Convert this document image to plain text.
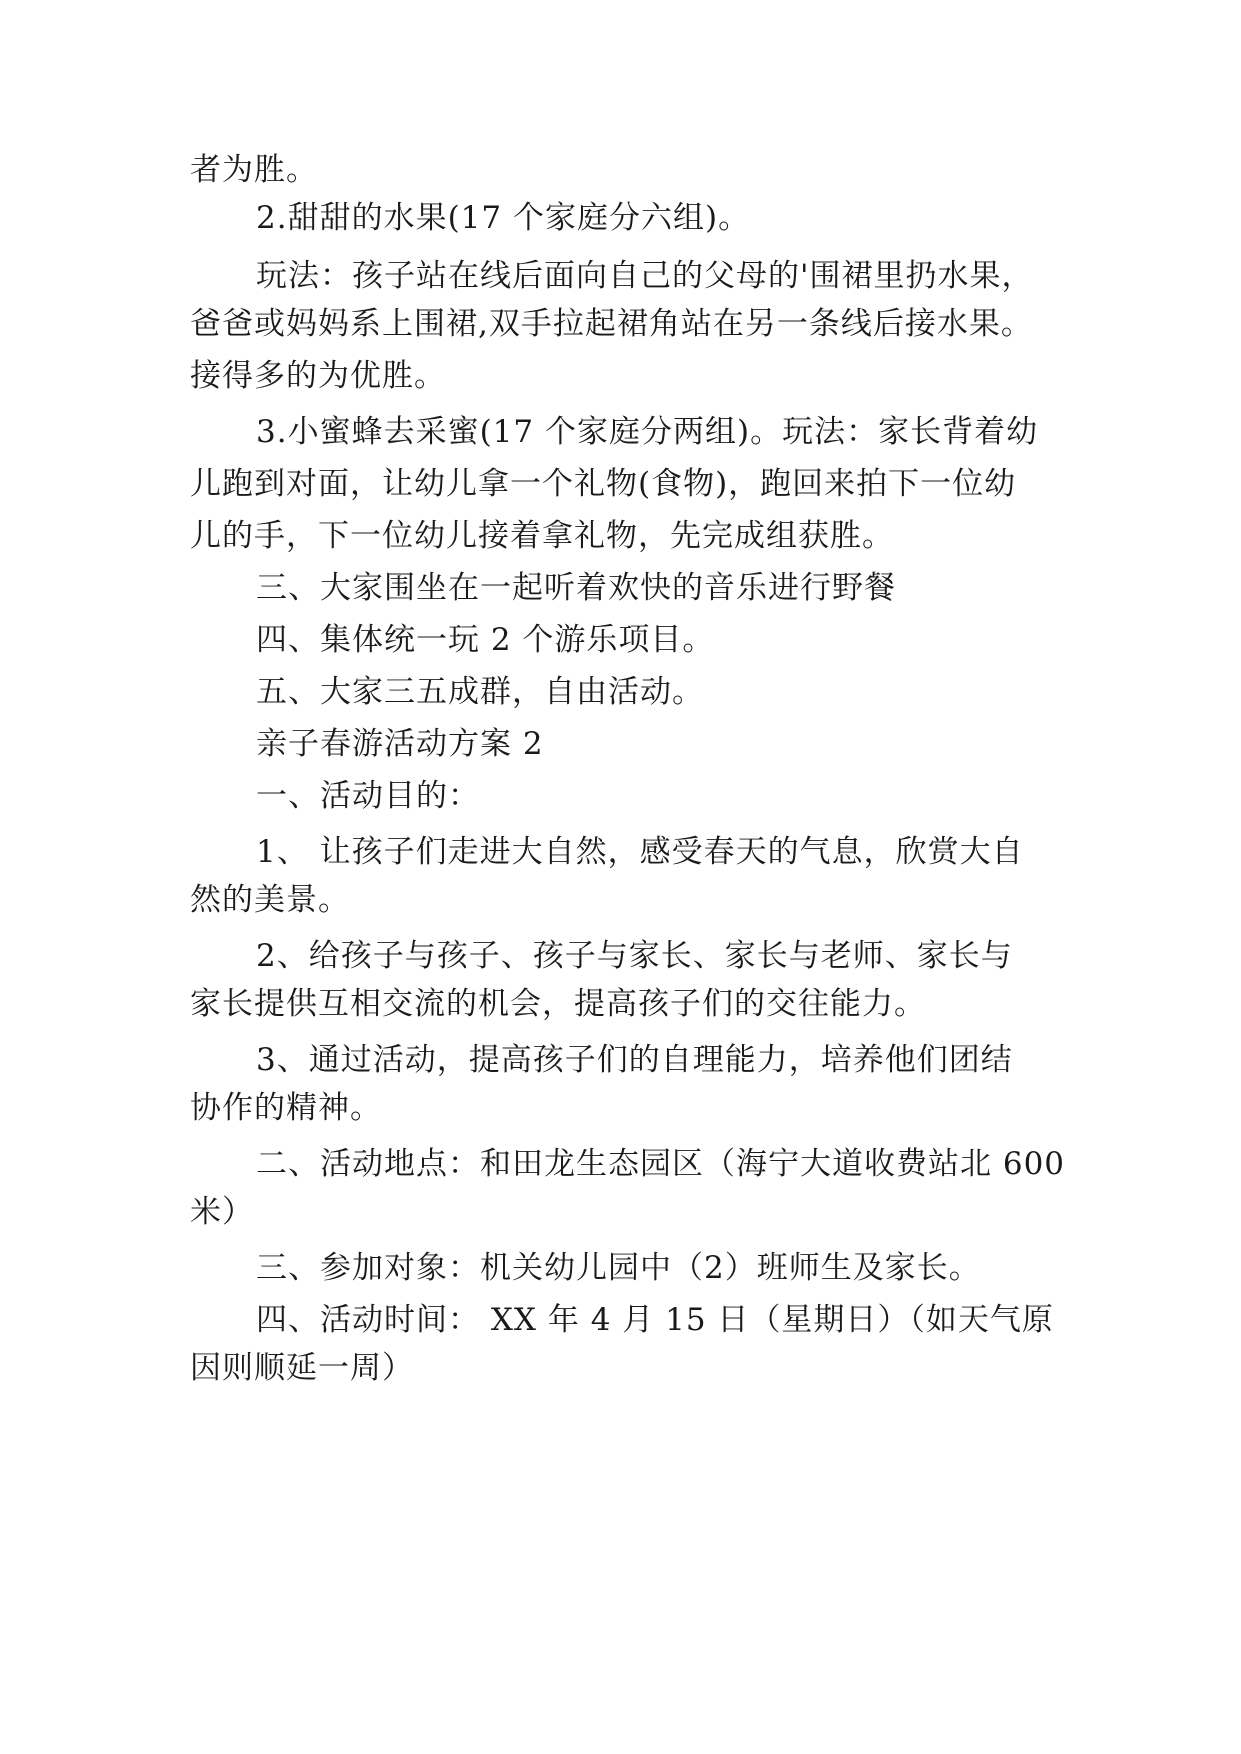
者为胜。
2.甜甜的水果(17 个家庭分六组)。
玩法：孩子站在线后面向自己的父母的'围裙里扔水果，
爸爸或妈妈系上围裙,双手拉起裙角站在另一条线后接水果。
接得多的为优胜。
3.小蜜蜂去采蜜(17 个家庭分两组)。玩法：家长背着幼
儿跑到对面，让幼儿拿一个礼物(食物)，跑回来拍下一位幼
儿的手，下一位幼儿接着拿礼物，先完成组获胜。
三、大家围坐在一起听着欢快的音乐进行野餐
四、集体统一玩 2 个游乐项目。
五、大家三五成群，自由活动。
亲子春游活动方案 2
一、活动目的：
1、 让孩子们走进大自然，感受春天的气息，欣赏大自
然的美景。
2、给孩子与孩子、孩子与家长、家长与老师、家长与
家长提供互相交流的机会，提高孩子们的交往能力。
3、通过活动，提高孩子们的自理能力，培养他们团结
协作的精神。
二、活动地点：和田龙生态园区（海宁大道收费站北 600
米）
三、参加对象：机关幼儿园中（2）班师生及家长。
四、活动时间： XX 年 4 月 15 日（星期日）（如天气原
因则顺延一周）
